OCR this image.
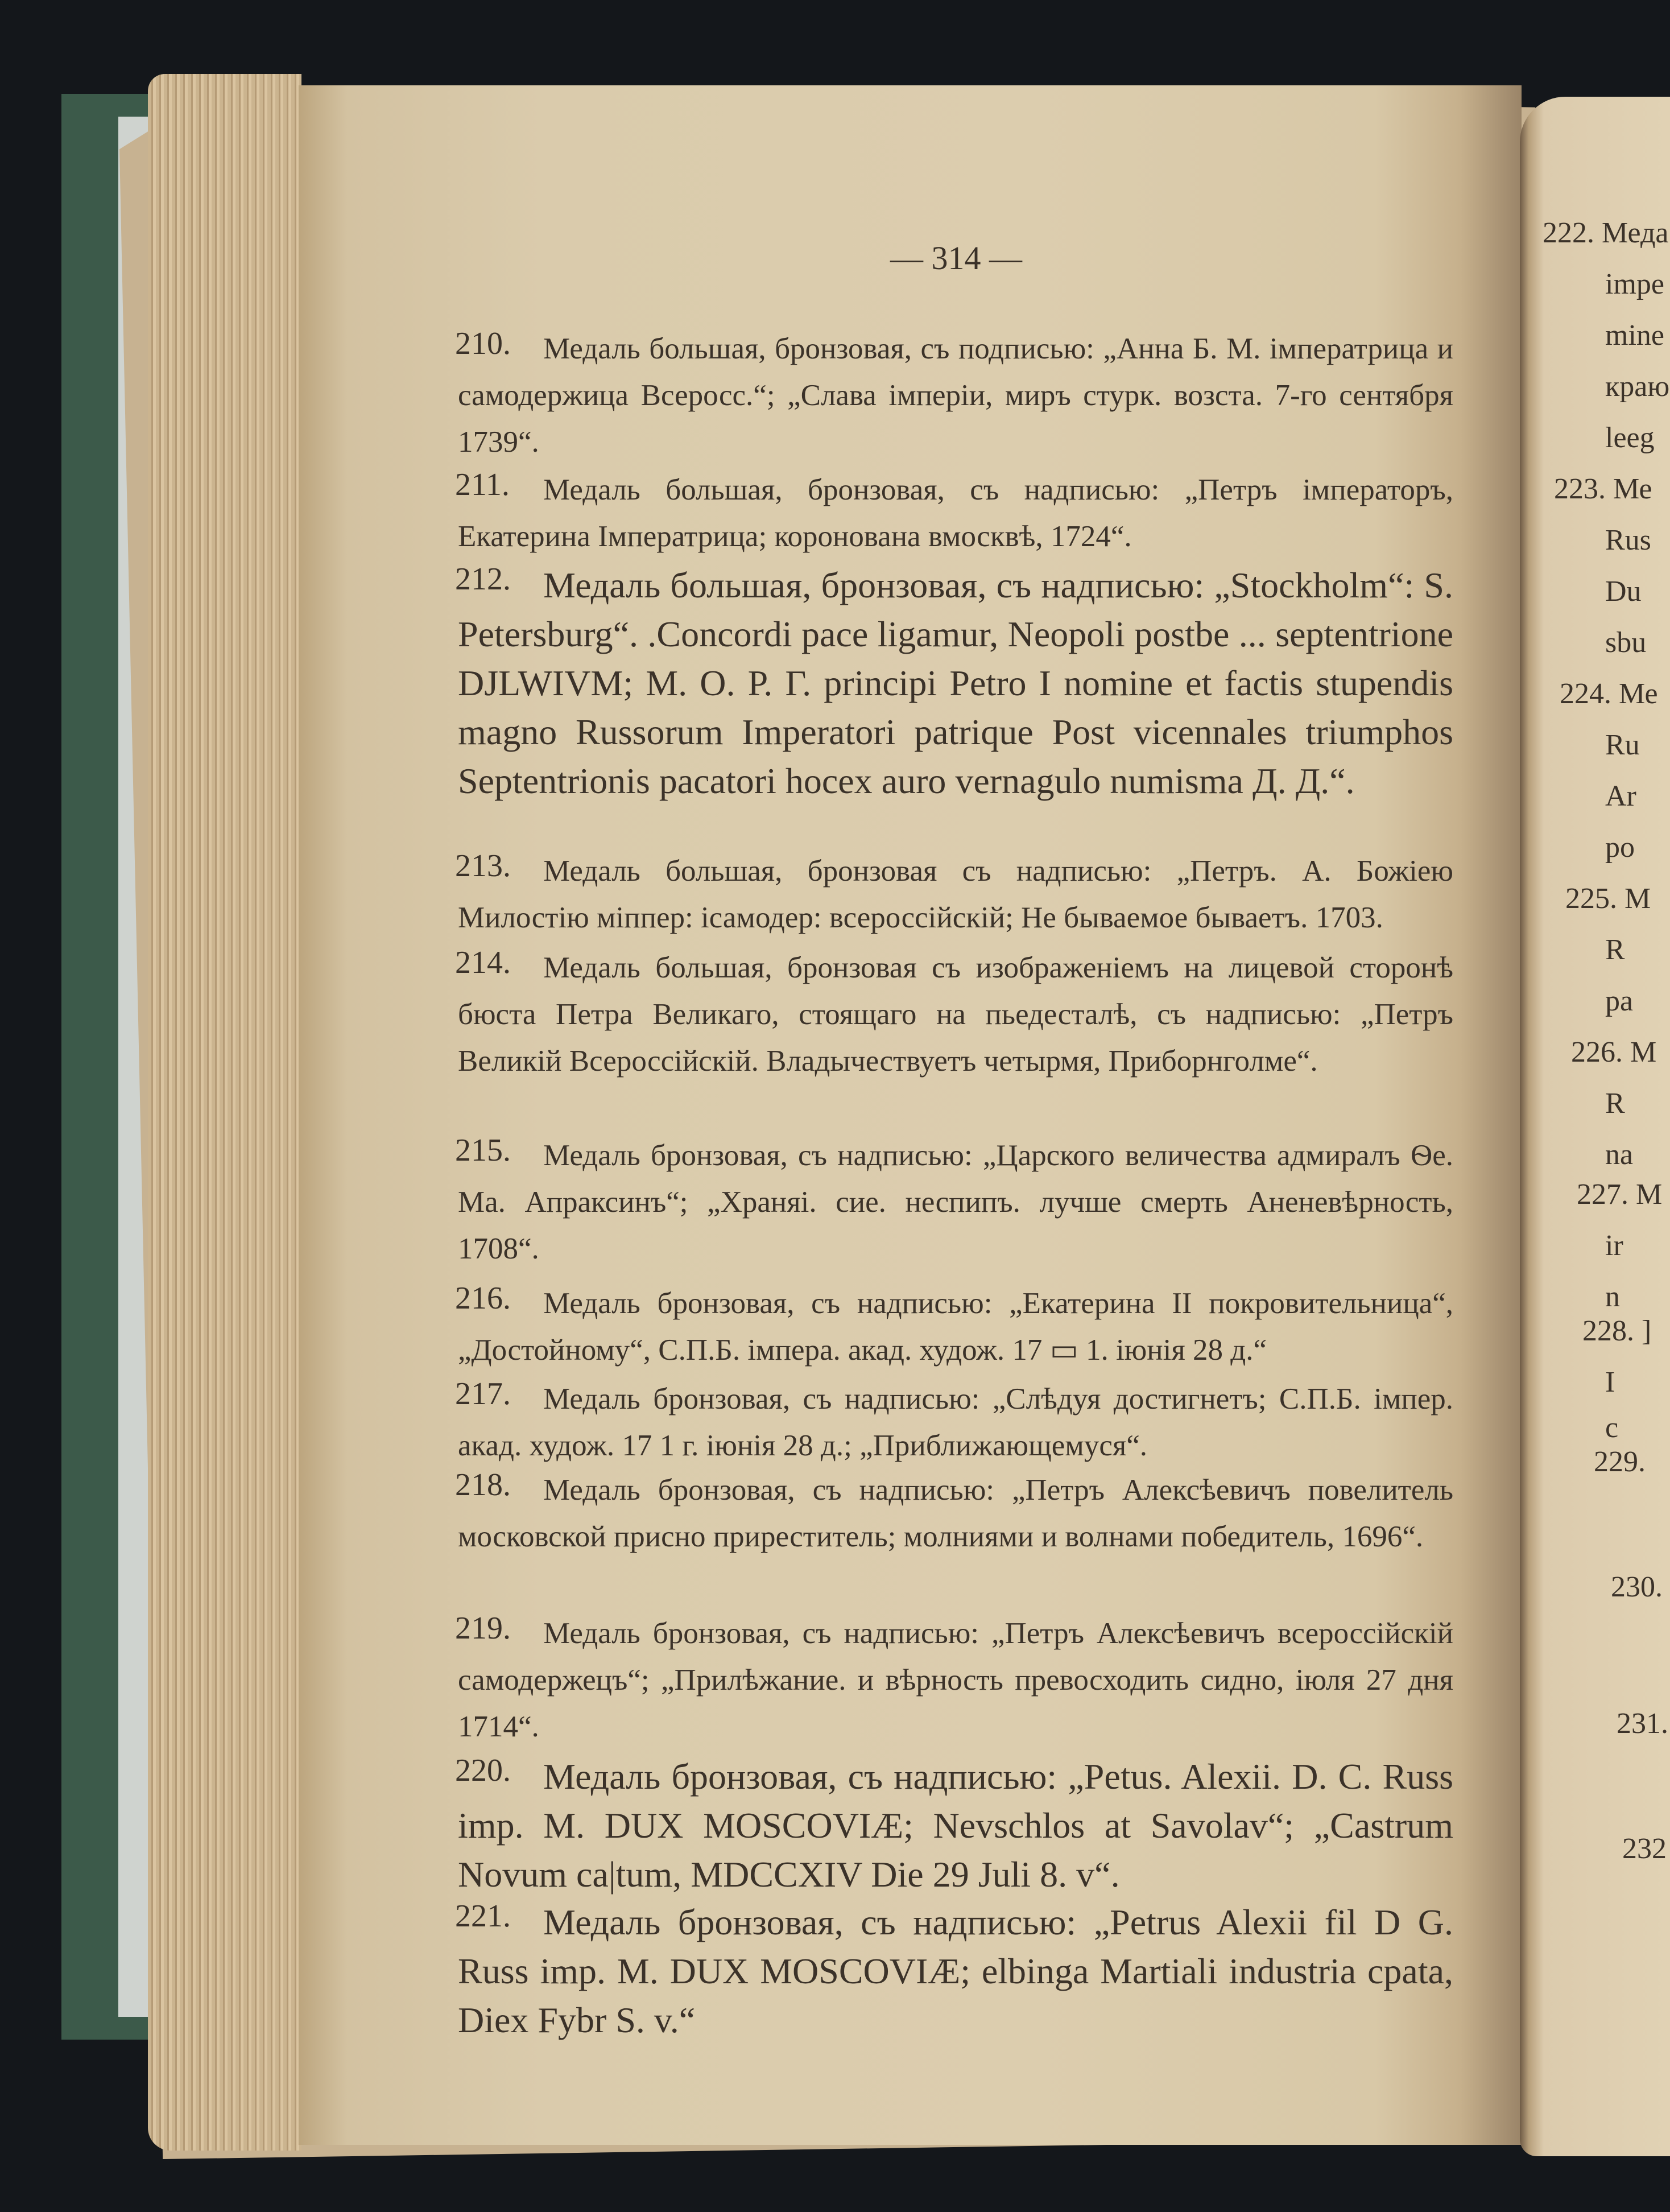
222. Меда
impe
mine
краю
leeg
223. Ме
Rus
Du
sbu
224. Ме
Ru
Ar
po
225. М
R
pa
226. М
R
na
227. М
ir
n
228. ]
I
c
229.
230.
231.
232
— 314 —
210.	Медаль большая, бронзовая, съ подписью: „Анна Б. М. імператрица и самодержица Всеросс.“; „Слава імперіи, миръ стурк. возста. 7-го сентября 1739“.

211.	Медаль большая, бронзовая, съ надписью: „Петръ імператоръ, Екатерина Імператрица; коронована вмосквѣ, 1724“.

212. Медаль большая, бронзовая, съ надписью: „Stockholm“: S. Petersburg“. .Concordi pace ligamur, Neopoli postbe ... septentrione DJLWIVM; М. О. Р. Г. principi Petro I nomine et factis stupendis magno Russorum Imperatori patrique Post vicennales triumphos Septentrionis pacatori hocex auro vernagulo numisma Д. Д.“.

213.	Медаль большая, бронзовая съ надписью: „Петръ. А. Божіею Милостію міппер: ісамодер: всероссійскій; Не бываемое бываетъ. 1703.

214.	Медаль большая, бронзовая съ изображеніемъ на лицевой сторонѣ бюста Петра Великаго, стоящаго на пьедесталѣ, съ надписью: „Петръ Великій Всероссійскій. Владычествуетъ четырмя, Приборнголме“.

215.	Медаль бронзовая, съ надписью: „Царского величества адмиралъ Ѳе. Ма. Апраксинъ“; „Храняі. сие. неспипъ. лучше смерть Аненевѣрность, 1708“.

216.	Медаль бронзовая, съ надписью: „Екатерина II покровительница“, „Достойному“, С.П.Б. імпера. акад. худож. 17 ▭ 1. іюнія 28 д.“

217.	Медаль бронзовая, съ надписью: „Слѣдуя достигнетъ; С.П.Б. імпер. акад. худож. 17 1 г. іюнія 28 д.; „Приближающемуся“.

218.	Медаль бронзовая, съ надписью: „Петръ Алексѣевичъ повелитель московской присно приреститель; молниями и волнами победитель, 1696“.

219.	Медаль бронзовая, съ надписью: „Петръ Алексѣевичъ всероссійскій самодержецъ“; „Прилѣжание. и вѣрность превосходить сидно, іюля 27 дня 1714“.

220. Медаль бронзовая, съ надписью: „Petus. Alexii. D. C. Russ imp. M. DUX MOSCOVIÆ; Nevschlos at Savolav“; „Castrum Novum ca|tum, MDCCXIV Die 29 Juli 8. v“.

221. Медаль бронзовая, съ надписью: „Petrus Alexii fil D G. Russ imp. M. DUX MOSCOVIÆ; elbinga Martiali industria cpata, Diex Fybr S. v.“
